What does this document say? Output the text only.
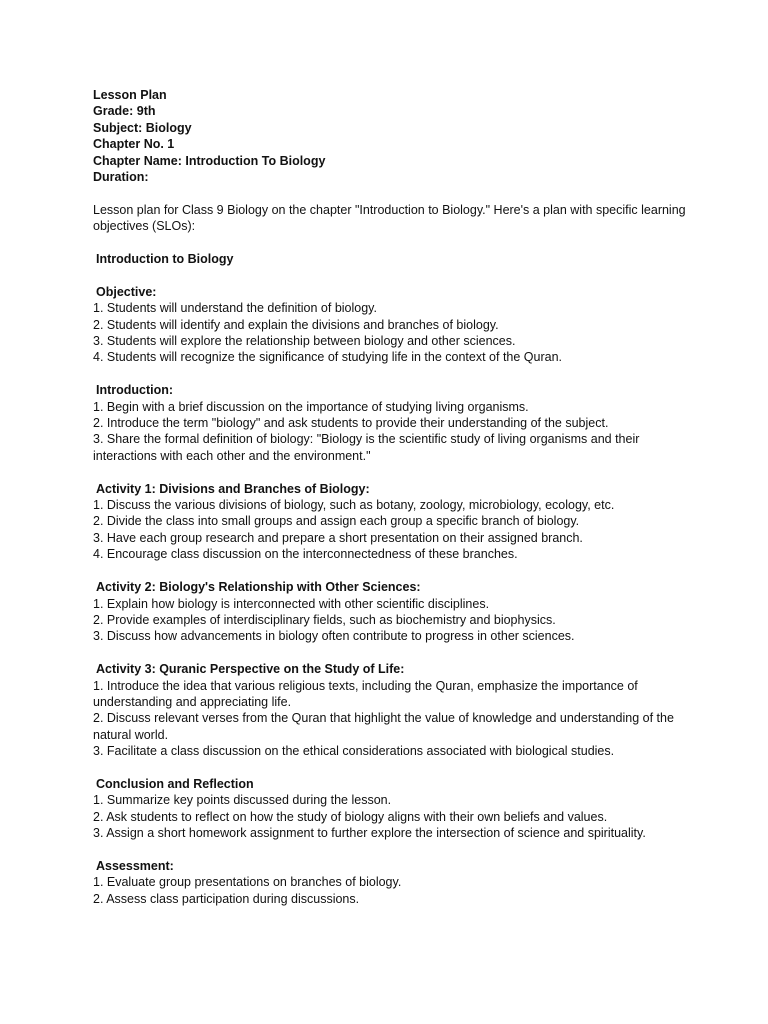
Lesson Plan
Grade: 9th
Subject: Biology
Chapter No. 1
Chapter Name: Introduction To Biology
Duration:
Lesson plan for Class 9 Biology on the chapter "Introduction to Biology." Here's a plan with specific learning objectives (SLOs):
Introduction to Biology
Objective:
1. Students will understand the definition of biology.
2. Students will identify and explain the divisions and branches of biology.
3. Students will explore the relationship between biology and other sciences.
4. Students will recognize the significance of studying life in the context of the Quran.
Introduction:
1. Begin with a brief discussion on the importance of studying living organisms.
2. Introduce the term "biology" and ask students to provide their understanding of the subject.
3. Share the formal definition of biology: "Biology is the scientific study of living organisms and their interactions with each other and the environment."
Activity 1: Divisions and Branches of Biology:
1. Discuss the various divisions of biology, such as botany, zoology, microbiology, ecology, etc.
2. Divide the class into small groups and assign each group a specific branch of biology.
3. Have each group research and prepare a short presentation on their assigned branch.
4. Encourage class discussion on the interconnectedness of these branches.
Activity 2: Biology's Relationship with Other Sciences:
1. Explain how biology is interconnected with other scientific disciplines.
2. Provide examples of interdisciplinary fields, such as biochemistry and biophysics.
3. Discuss how advancements in biology often contribute to progress in other sciences.
Activity 3: Quranic Perspective on the Study of Life:
1. Introduce the idea that various religious texts, including the Quran, emphasize the importance of understanding and appreciating life.
2. Discuss relevant verses from the Quran that highlight the value of knowledge and understanding of the natural world.
3. Facilitate a class discussion on the ethical considerations associated with biological studies.
Conclusion and Reflection
1. Summarize key points discussed during the lesson.
2. Ask students to reflect on how the study of biology aligns with their own beliefs and values.
3. Assign a short homework assignment to further explore the intersection of science and spirituality.
Assessment:
1. Evaluate group presentations on branches of biology.
2. Assess class participation during discussions.
